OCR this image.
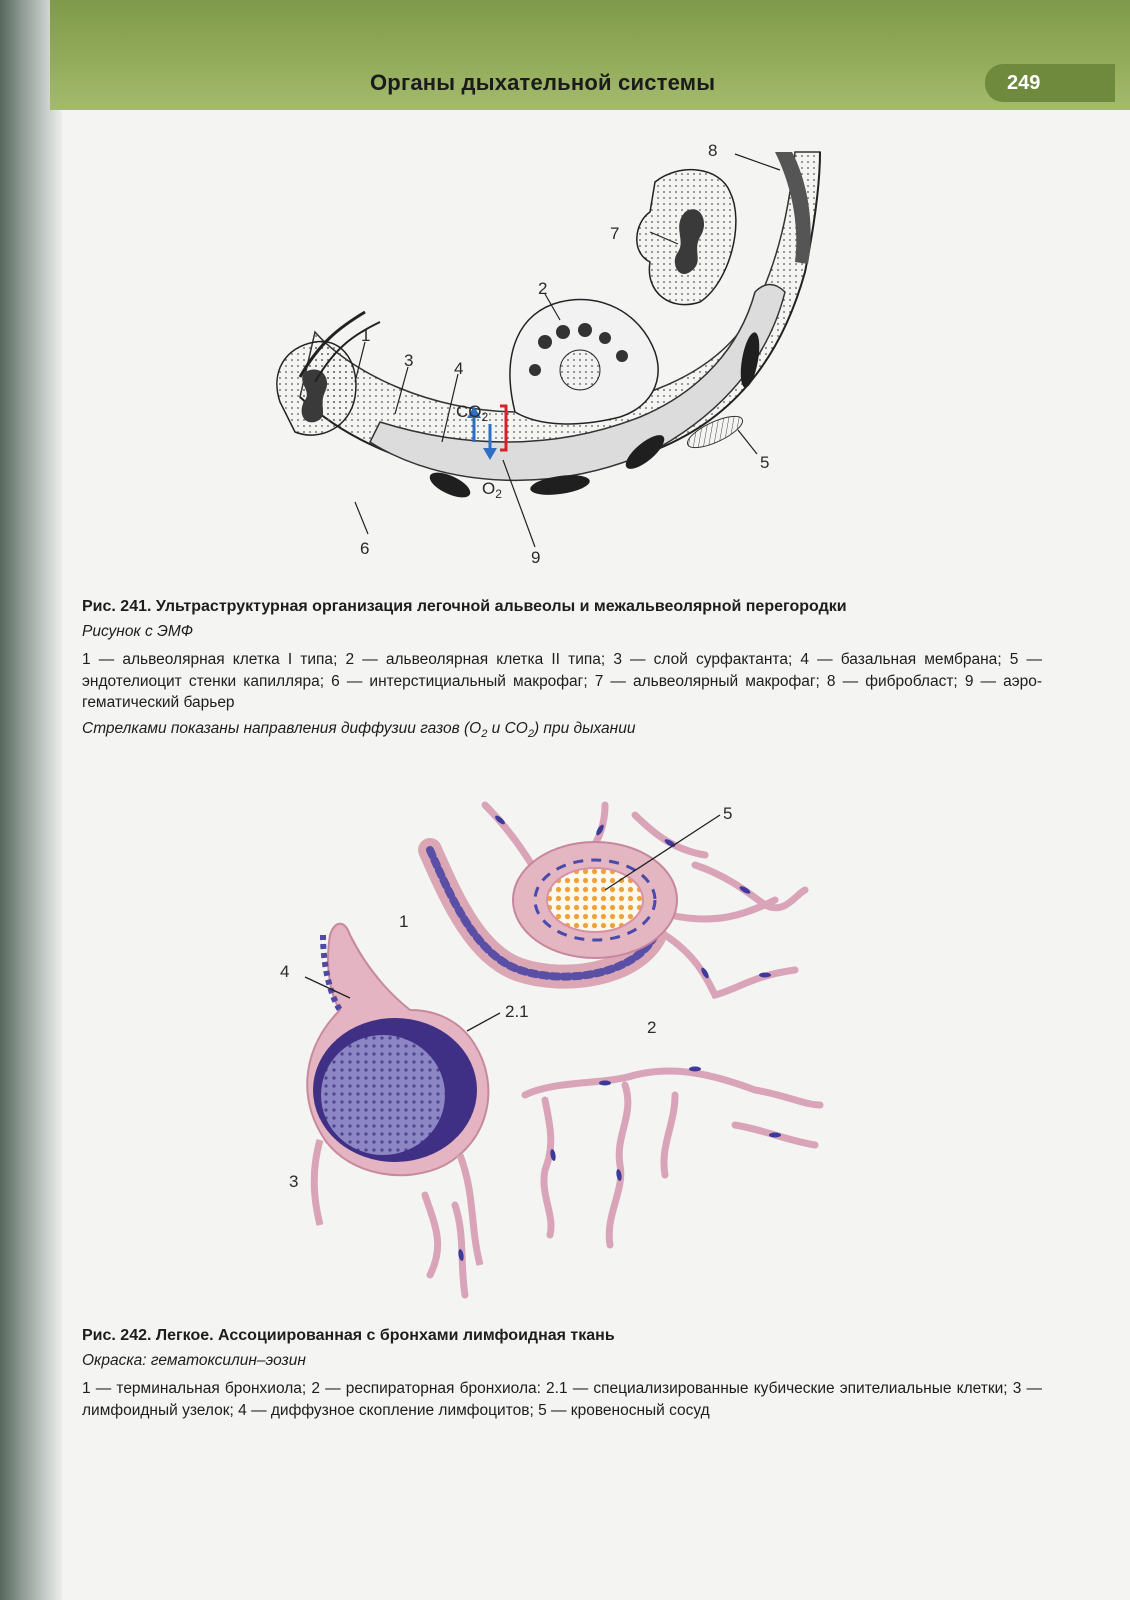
Органы дыхательной системы	249
8
7
2
1
3 4
5
6	9
$CO_2$
$O_2$
Рис. 241. Ультраструктурная организация легочной альвеолы и межальвеолярной перегородки
Рисунок с ЭМФ
1 — альвеолярная клетка I типа ; 2 — альвеолярная клетка II типа ; 3 — слой сурфактанта ; 4 — базальная мембрана ; 5 — эндотелиоцит стенки капилляра ; 6 — интерстициальный макрофаг ; 7 — альвеолярный макрофаг ; 8 — фибробласт ; 9 — аэро-гематический барьер
Стрелками показаны направления диффузии газов ($O_2$ и $CO_2$) при дыхании
5
1
4
2.1
2
3
Рис. 242. Легкое. Ассоциированная с бронхами лимфоидная ткань
Окраска: гематоксилин–эозин
1 — терминальная бронхиола ; 2 — респираторная бронхиола: 2.1 — специализированные кубические эпителиальные клетки ; 3 — лимфоидный узелок ; 4 — диффузное скопление лимфоцитов ; 5 — кровеносный сосуд
